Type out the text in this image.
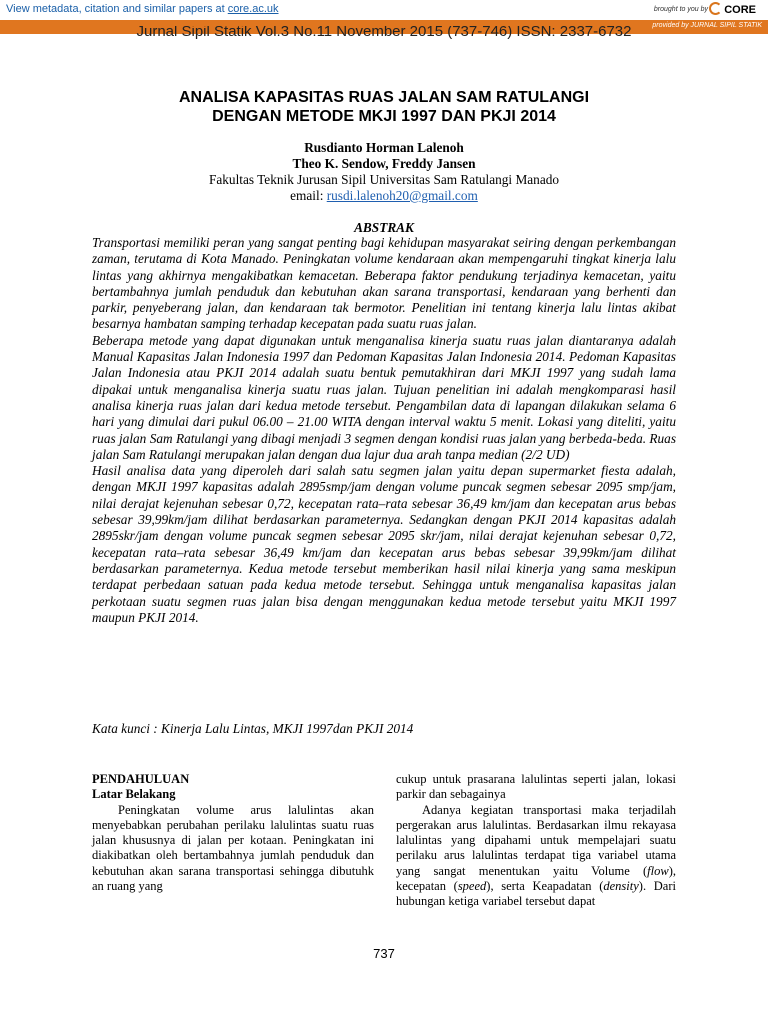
View metadata, citation and similar papers at core.ac.uk	brought to you by	CORE
provided by JURNAL SIPIL STATIK
Jurnal Sipil Statik Vol.3 No.11 November 2015 (737-746) ISSN: 2337-6732
ANALISA KAPASITAS RUAS JALAN SAM RATULANGI
DENGAN METODE MKJI 1997 DAN PKJI 2014
Rusdianto Horman Lalenoh
Theo K. Sendow, Freddy Jansen
Fakultas Teknik Jurusan Sipil Universitas Sam Ratulangi Manado
email: rusdi.lalenoh20@gmail.com
ABSTRAK

Transportasi memiliki peran yang sangat penting bagi kehidupan masyarakat seiring dengan perkembangan zaman, terutama di Kota Manado. Peningkatan volume kendaraan akan mempengaruhi tingkat kinerja lalu lintas yang akhirnya mengakibatkan kemacetan. Beberapa faktor pendukung terjadinya kemacetan, yaitu bertambahnya jumlah penduduk dan kebutuhan akan sarana transportasi, kendaraan yang berhenti dan parkir, penyeberang jalan, dan kendaraan tak bermotor. Penelitian ini tentang kinerja lalu lintas akibat besarnya hambatan samping terhadap kecepatan pada suatu ruas jalan.

Beberapa metode yang dapat digunakan untuk menganalisa kinerja suatu ruas jalan diantaranya adalah Manual Kapasitas Jalan Indonesia 1997 dan Pedoman Kapasitas Jalan Indonesia 2014. Pedoman Kapasitas Jalan Indonesia atau PKJI 2014 adalah suatu bentuk pemutakhiran dari MKJI 1997 yang sudah lama dipakai untuk menganalisa kinerja suatu ruas jalan. Tujuan penelitian ini adalah mengkomparasi hasil analisa kinerja ruas jalan dari kedua metode tersebut. Pengambilan data di lapangan dilakukan selama 6 hari yang dimulai dari pukul 06.00 – 21.00 WITA dengan interval waktu 5 menit. Lokasi yang diteliti, yaitu ruas jalan Sam Ratulangi yang dibagi menjadi 3 segmen dengan kondisi ruas jalan yang berbeda-beda. Ruas jalan Sam Ratulangi merupakan jalan dengan dua lajur dua arah tanpa median (2/2 UD)

Hasil analisa data yang diperoleh dari salah satu segmen jalan yaitu depan supermarket fiesta adalah, dengan MKJI 1997 kapasitas adalah 2895smp/jam dengan volume puncak segmen sebesar 2095 smp/jam, nilai derajat kejenuhan sebesar 0,72, kecepatan rata–rata sebesar 36,49 km/jam dan kecepatan arus bebas sebesar 39,99km/jam dilihat berdasarkan parameternya. Sedangkan dengan PKJI 2014 kapasitas adalah 2895skr/jam dengan volume puncak segmen sebesar 2095 skr/jam, nilai derajat kejenuhan sebesar 0,72, kecepatan rata–rata sebesar 36,49 km/jam dan kecepatan arus bebas sebesar 39,99km/jam dilihat berdasarkan parameternya. Kedua metode tersebut memberikan hasil nilai kinerja yang sama meskipun terdapat perbedaan satuan pada kedua metode tersebut. Sehingga untuk menganalisa kapasitas jalan perkotaan suatu segmen ruas jalan bisa dengan menggunakan kedua metode tersebut yaitu MKJI 1997 maupun PKJI 2014.

Kata kunci : Kinerja Lalu Lintas, MKJI 1997dan PKJI 2014

PENDAHULUAN

Latar Belakang

Peningkatan volume arus lalulintas akan menyebabkan perubahan perilaku lalulintas suatu ruas jalan khususnya di jalan per kotaan. Peningkatan ini diakibatkan oleh bertambahnya jumlah penduduk dan kebutuhan akan sarana transportasi sehingga dibutuhk an ruang yang

cukup untuk prasarana lalulintas seperti jalan, lokasi parkir dan sebagainya

Adanya kegiatan transportasi maka terjadilah pergerakan arus lalulintas. Berdasarkan ilmu rekayasa lalulintas yang dipahami untuk mempelajari suatu perilaku arus lalulintas terdapat tiga variabel utama yang sangat menentukan yaitu Volume (flow), kecepatan (speed), serta Keapadatan (density). Dari hubungan ketiga variabel tersebut dapat

737
